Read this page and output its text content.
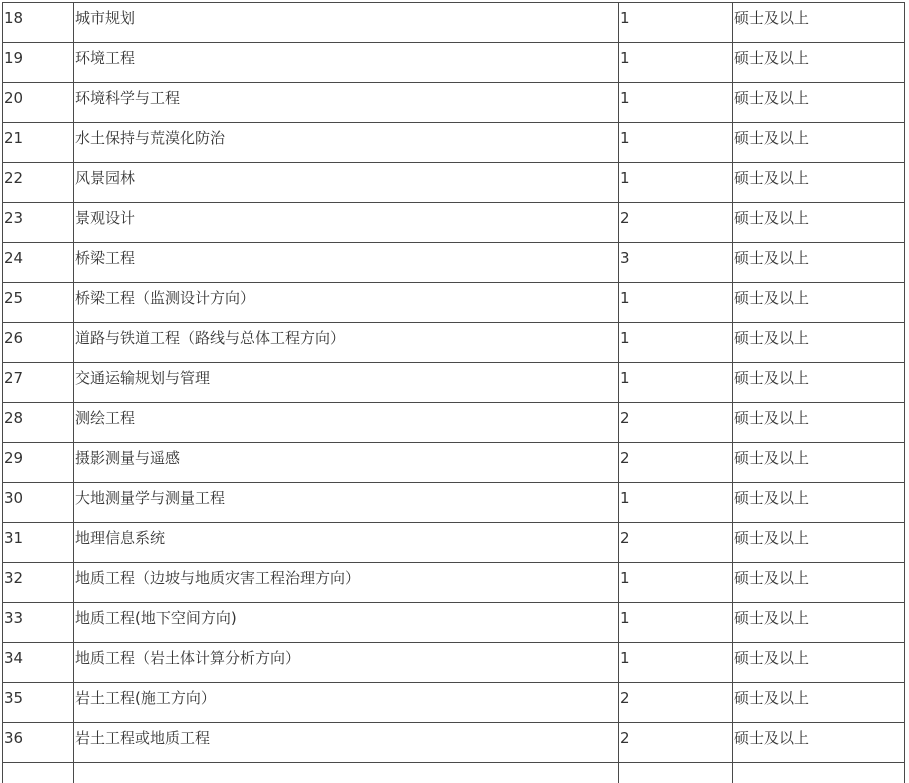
18	城市规划	1	硕士及以上
19	环境工程	1	硕士及以上
20	环境科学与工程	1	硕士及以上
21	水土保持与荒漠化防治	1	硕士及以上
22	风景园林	1	硕士及以上
23	景观设计	2	硕士及以上
24	桥梁工程	3	硕士及以上
25	桥梁工程（监测设计方向）	1	硕士及以上
26	道路与铁道工程（路线与总体工程方向）	1	硕士及以上
27	交通运输规划与管理	1	硕士及以上
28	测绘工程	2	硕士及以上
29	摄影测量与遥感	2	硕士及以上
30	大地测量学与测量工程	1	硕士及以上
31	地理信息系统	2	硕士及以上
32	地质工程（边坡与地质灾害工程治理方向）	1	硕士及以上
33	地质工程(地下空间方向)	1	硕士及以上
34	地质工程（岩土体计算分析方向）	1	硕士及以上
35	岩土工程(施工方向）	2	硕士及以上
36	岩土工程或地质工程	2	硕士及以上
